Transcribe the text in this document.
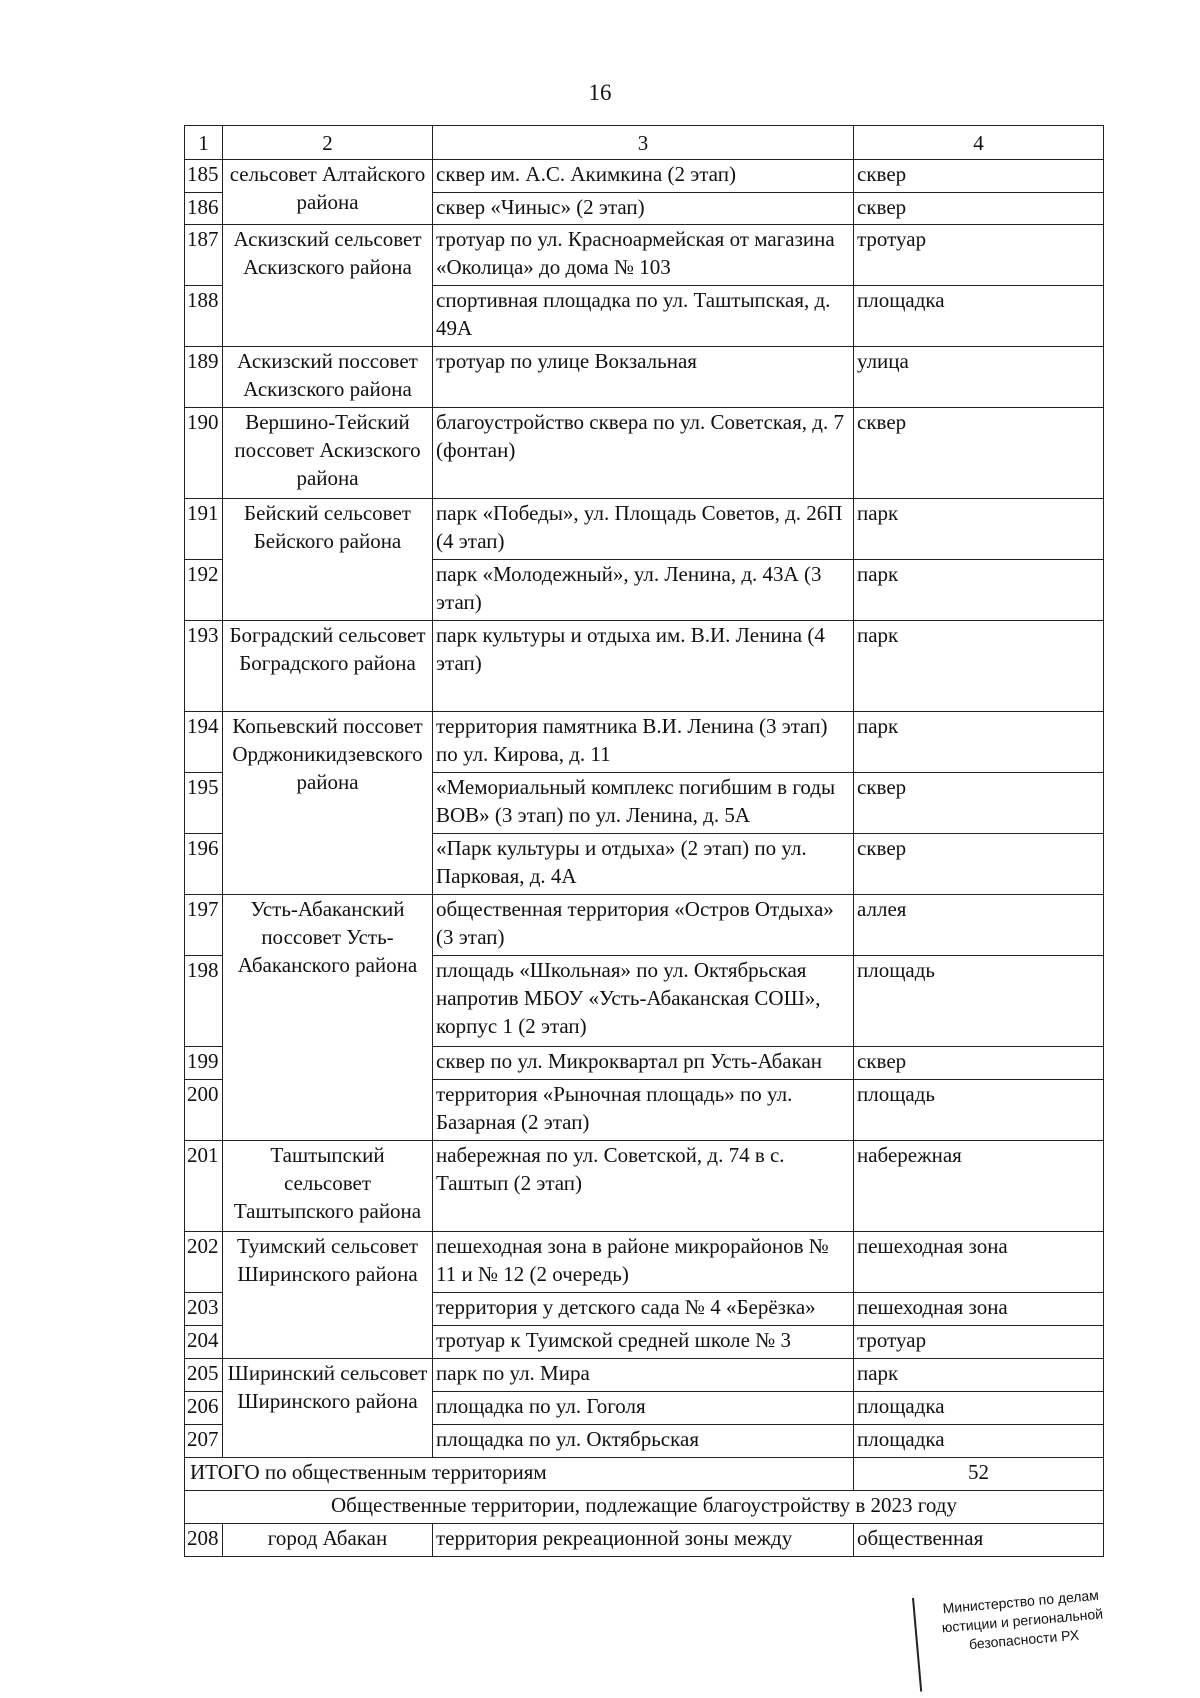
16
1	2	3	4
185	сельсовет Алтайского района	сквер им. А.С. Акимкина (2 этап)	сквер
186		сквер «Чиныс» (2 этап)	сквер
187	Аскизский сельсовет Аскизского района	тротуар по ул. Красноармейская от магазина «Околица» до дома № 103	тротуар
188		спортивная площадка по ул. Таштыпская, д. 49А	площадка
189	Аскизский поссовет Аскизского района	тротуар по улице Вокзальная	улица
190	Вершино-Тейский поссовет Аскизского района	благоустройство сквера по ул. Советская, д. 7 (фонтан)	сквер
191	Бейский сельсовет Бейского района	парк «Победы», ул. Площадь Советов, д. 26П (4 этап)	парк
192		парк «Молодежный», ул. Ленина, д. 43А (3 этап)	парк
193	Боградский сельсовет Боградского района	парк культуры и отдыха им. В.И. Ленина (4 этап)	парк
194	Копьевский поссовет Орджоникидзевского района	территория памятника В.И. Ленина (3 этап) по ул. Кирова, д. 11	парк
195		«Мемориальный комплекс погибшим в годы ВОВ» (3 этап) по ул. Ленина, д. 5А	сквер
196		«Парк культуры и отдыха» (2 этап) по ул. Парковая, д. 4А	сквер
197	Усть-Абаканский поссовет Усть-Абаканского района	общественная территория «Остров Отдыха» (3 этап)	аллея
198		площадь «Школьная» по ул. Октябрьская напротив МБОУ «Усть-Абаканская СОШ», корпус 1 (2 этап)	площадь
199		сквер по ул. Микроквартал рп Усть-Абакан	сквер
200		территория «Рыночная площадь» по ул. Базарная (2 этап)	площадь
201	Таштыпский сельсовет Таштыпского района	набережная по ул. Советской, д. 74 в с. Таштып (2 этап)	набережная
202	Туимский сельсовет Ширинского района	пешеходная зона в районе микрорайонов № 11 и № 12 (2 очередь)	пешеходная зона
203		территория у детского сада № 4 «Берёзка»	пешеходная зона
204		тротуар к Туимской средней школе № 3	тротуар
205	Ширинский сельсовет Ширинского района	парк по ул. Мира	парк
206		площадка по ул. Гоголя	площадка
207		площадка по ул. Октябрьская	площадка
ИТОГО по общественным территориям			52
Общественные территории, подлежащие благоустройству в 2023 году			
208	город Абакан	территория рекреационной зоны между	общественная
Министерство по делам юстиции и региональной безопасности РХ
